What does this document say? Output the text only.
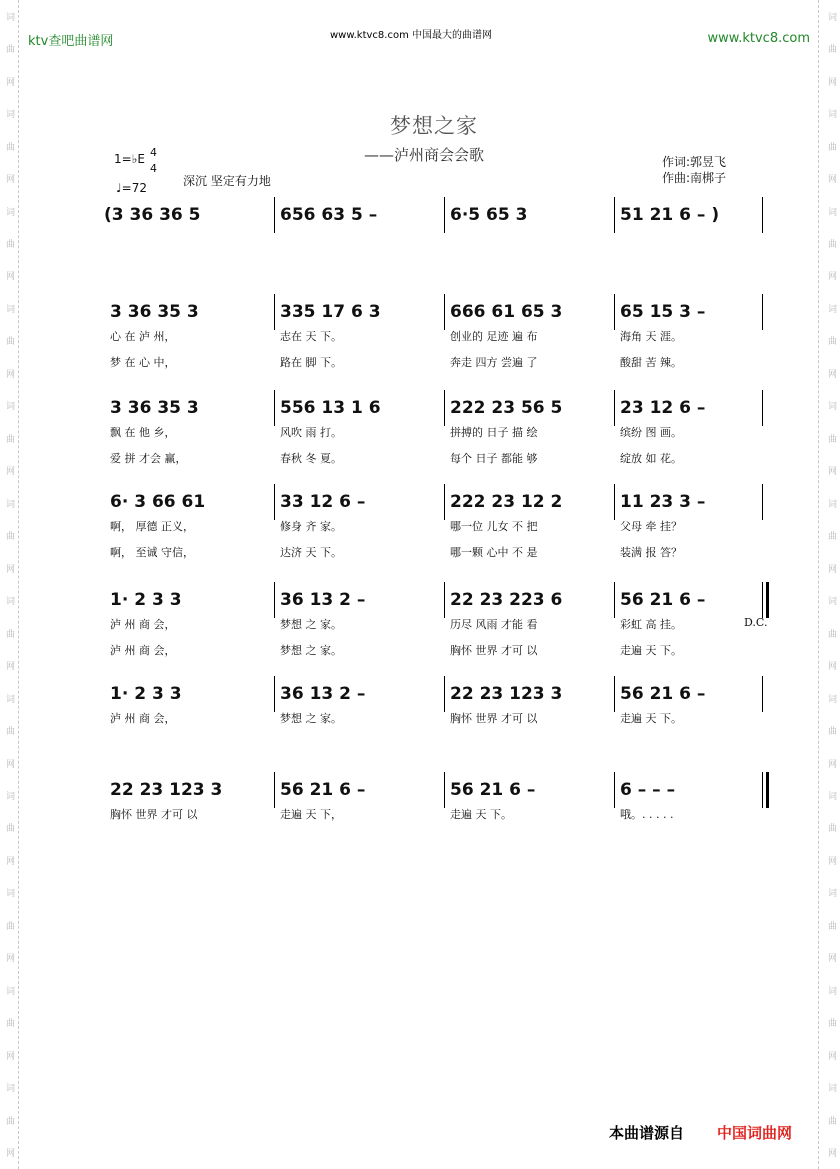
词
曲
网
词
曲
网
词
曲
网
词
曲
网
词
曲
网
词
曲
网
词
曲
网
词
曲
网
词
曲
网
词
曲
网
词
曲
网
词
曲
网
词
曲
网
词
曲
网
词
曲
网
词
曲
网
词
曲
网
词
曲
网
词
曲
网
词
曲
网
词
曲
网
词
曲
网
词
曲
网
词
曲
网
ktv查吧曲谱网	www.ktvc8.com 中国最大的曲谱网	www.ktvc8.com
梦想之家
——泸州商会会歌
1=♭E 4
4
♩=72	深沉 坚定有力地
作词:郭昱飞
作曲:南梆子
(3 36 36 5	656 63 5 –	6·5 65 3	51 21 6 – )
3 36 35 3	335 17 6 3	666 61 65 3	65 15 3 –
心 在 泸 州，	志在 天 下。	创业的 足迹 遍 布	海角 天 涯。
梦 在 心 中，	路在 脚 下。	奔走 四方 尝遍 了	酸甜 苦 辣。
3 36 35 3	556 13 1 6	222 23 56 5	23 12 6 –
飘 在 他 乡，	风吹 雨 打。	拼搏的 日子 描 绘	缤纷 图 画。
爱 拼 才会 赢，	春秋 冬 夏。	每个 日子 都能 够	绽放 如 花。
6· 3 66 61	33 12 6 –	222 23 12 2	11 23 3 –
啊， 厚德 正义，	修身 齐 家。	哪一位 儿女 不 把	父母 牵 挂？
啊， 至诚 守信，	达济 天 下。	哪一颗 心中 不 是	装满 报 答？
1· 2 3 3	36 13 2 –	22 23 223 6	56 21 6 –
泸 州 商 会，	梦想 之 家。	历尽 风雨 才能 看	彩虹 高 挂。
泸 州 商 会，	梦想 之 家。	胸怀 世界 才可 以	走遍 天 下。
D.C.
1· 2 3 3	36 13 2 –	22 23 123 3	56 21 6 –
泸 州 商 会，	梦想 之 家。	胸怀 世界 才可 以	走遍 天 下。
22 23 123 3	56 21 6 –	56 21 6 –	6 – – –
胸怀 世界 才可 以	走遍 天 下，	走遍 天 下。	哦。. . . . .
本曲谱源自 中国词曲网
